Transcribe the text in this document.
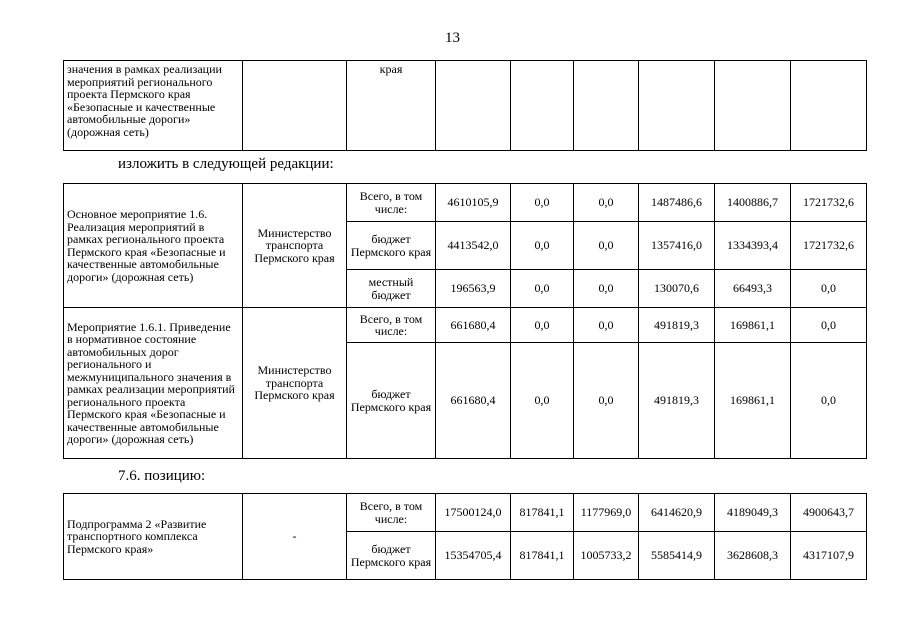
13
значения в рамках реализации мероприятий регионального проекта Пермского края «Безопасные и качественные автомобильные дороги» (дорожная сеть)		края						
изложить в следующей редакции:
Основное мероприятие 1.6. Реализация мероприятий в рамках регионального проекта Пермского края «Безопасные и качественные автомобильные дороги» (дорожная сеть)	Министерство транспорта Пермского края	Всего, в том числе:	4610105,9	0,0	0,0	1487486,6	1400886,7	1721732,6
		бюджет Пермского края	4413542,0	0,0	0,0	1357416,0	1334393,4	1721732,6
		местный бюджет	196563,9	0,0	0,0	130070,6	66493,3	0,0
Мероприятие 1.6.1. Приведение в нормативное состояние автомобильных дорог регионального и межмуниципального значения в рамках реализации мероприятий региональнoго проекта Пермского края «Безопасные и качественные автомобильные дороги» (дорожная сеть)	Министерство транспорта Пермского края	Всего, в том числе:	661680,4	0,0	0,0	491819,3	169861,1	0,0
		бюджет Пермского края	661680,4	0,0	0,0	491819,3	169861,1	0,0
7.6. позицию:
Подпрограмма 2 «Развитие транспортного комплекса Пермского края»	-	Всего, в том числе:	17500124,0	817841,1	1177969,0	6414620,9	4189049,3	4900643,7
		бюджет Пермского края	15354705,4	817841,1	1005733,2	5585414,9	3628608,3	4317107,9
